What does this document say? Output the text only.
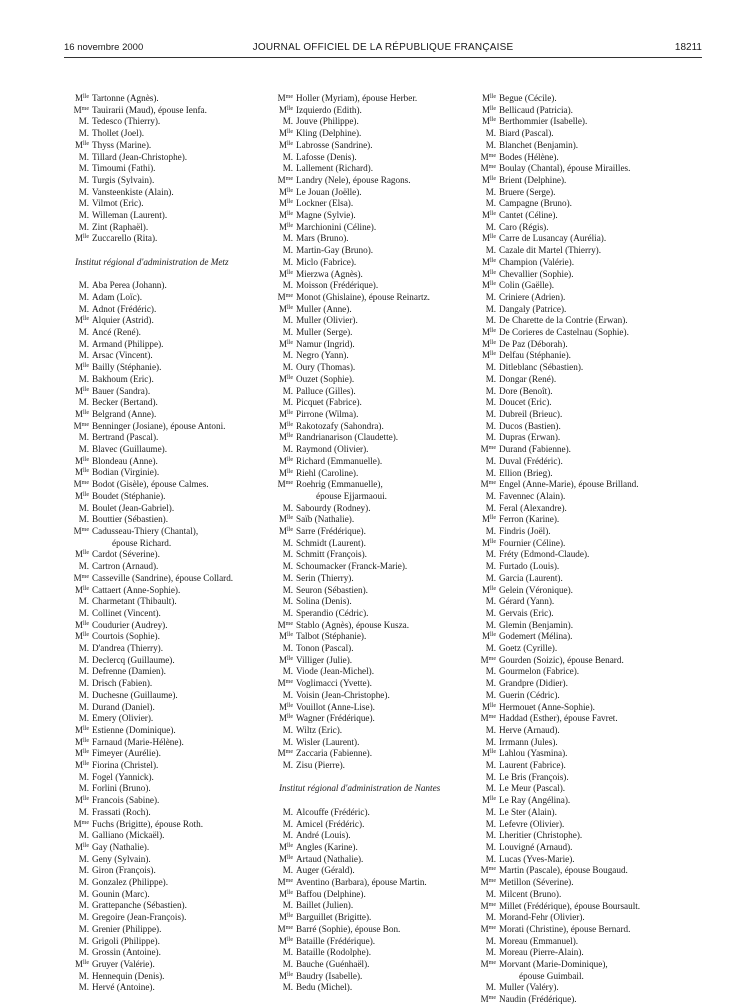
16 novembre 2000	JOURNAL OFFICIEL DE LA RÉPUBLIQUE FRANÇAISE	18211
$M^{lle}$ Tartonne (Agnès).
$M^{me}$ Tauirarii (Maud), épouse Ienfa.
M. Tedesco (Thierry).
M. Thollet (Joel).
$M^{lle}$ Thyss (Marine).
M. Tillard (Jean-Christophe).
M. Timoumi (Fathi).
M. Turgis (Sylvain).
M. Vansteenkiste (Alain).
M. Vilmot (Eric).
M. Willeman (Laurent).
M. Zint (Raphaël).
$M^{lle}$ Zuccarello (Rita).
Institut régional d'administration de Metz
M. Aba Perea (Johann).
M. Adam (Loïc).
M. Adnot (Frédéric).
$M^{lle}$ Alquier (Astrid).
M. Ancé (René).
M. Armand (Philippe).
M. Arsac (Vincent).
$M^{lle}$ Bailly (Stéphanie).
M. Bakhoum (Eric).
$M^{lle}$ Bauer (Sandra).
M. Becker (Bertand).
$M^{lle}$ Belgrand (Anne).
$M^{me}$ Benninger (Josiane), épouse Antoni.
M. Bertrand (Pascal).
M. Blavec (Guillaume).
$M^{lle}$ Blondeau (Anne).
$M^{lle}$ Bodian (Virginie).
$M^{me}$ Bodot (Gisèle), épouse Calmes.
$M^{lle}$ Boudet (Stéphanie).
M. Boulet (Jean-Gabriel).
M. Bouttier (Sébastien).
$M^{me}$ Cadusseau-Thiery (Chantal),
épouse Richard.
$M^{lle}$ Cardot (Séverine).
M. Cartron (Arnaud).
$M^{me}$ Casseville (Sandrine), épouse Collard.
$M^{lle}$ Cattaert (Anne-Sophie).
M. Charmetant (Thibault).
M. Collinet (Vincent).
$M^{lle}$ Coudurier (Audrey).
$M^{lle}$ Courtois (Sophie).
M. D'andrea (Thierry).
M. Declercq (Guillaume).
M. Defrenne (Damien).
M. Drisch (Fabien).
M. Duchesne (Guillaume).
M. Durand (Daniel).
M. Emery (Olivier).
$M^{lle}$ Estienne (Dominique).
$M^{lle}$ Farnaud (Marie-Hélène).
$M^{lle}$ Fimeyer (Aurélie).
$M^{lle}$ Fiorina (Christel).
M. Fogel (Yannick).
M. Forlini (Bruno).
$M^{lle}$ Francois (Sabine).
M. Frassati (Roch).
$M^{me}$ Fuchs (Brigitte), épouse Roth.
M. Galliano (Mickaël).
$M^{lle}$ Gay (Nathalie).
M. Geny (Sylvain).
M. Giron (François).
M. Gonzalez (Philippe).
M. Gounin (Marc).
M. Grattepanche (Sébastien).
M. Gregoire (Jean-François).
M. Grenier (Philippe).
M. Grigoli (Philippe).
M. Grossin (Antoine).
$M^{lle}$ Gruyer (Valérie).
M. Hennequin (Denis).
M. Hervé (Antoine).
$M^{me}$ Holler (Myriam), épouse Herber.
$M^{lle}$ Izquierdo (Edith).
M. Jouve (Philippe).
$M^{lle}$ Kling (Delphine).
$M^{lle}$ Labrosse (Sandrine).
M. Lafosse (Denis).
M. Lallement (Richard).
$M^{me}$ Landry (Nele), épouse Ragons.
$M^{lle}$ Le Jouan (Joëlle).
$M^{lle}$ Lockner (Elsa).
$M^{lle}$ Magne (Sylvie).
$M^{lle}$ Marchionini (Céline).
M. Mars (Bruno).
M. Martin-Gay (Bruno).
M. Miclo (Fabrice).
$M^{lle}$ Mierzwa (Agnès).
M. Moisson (Frédérique).
$M^{me}$ Monot (Ghislaine), épouse Reinartz.
$M^{lle}$ Muller (Anne).
M. Muller (Olivier).
M. Muller (Serge).
$M^{lle}$ Namur (Ingrid).
M. Negro (Yann).
M. Oury (Thomas).
$M^{lle}$ Ouzet (Sophie).
M. Palluce (Gilles).
M. Picquet (Fabrice).
$M^{lle}$ Pirrone (Wilma).
$M^{lle}$ Rakotozafy (Sahondra).
$M^{lle}$ Randrianarison (Claudette).
M. Raymond (Olivier).
$M^{lle}$ Richard (Emmanuelle).
$M^{lle}$ Riehl (Caroline).
$M^{me}$ Roehrig (Emmanuelle),
épouse Ejjarmaoui.
M. Sabourdy (Rodney).
$M^{lle}$ Saïb (Nathalie).
$M^{lle}$ Sarre (Frédérique).
M. Schmidt (Laurent).
M. Schmitt (François).
M. Schoumacker (Franck-Marie).
M. Serin (Thierry).
M. Seuron (Sébastien).
M. Solina (Denis).
M. Sperandio (Cédric).
$M^{me}$ Stablo (Agnès), épouse Kusza.
$M^{lle}$ Talbot (Stéphanie).
M. Tonon (Pascal).
$M^{lle}$ Villiger (Julie).
M. Viode (Jean-Michel).
$M^{me}$ Voglimacci (Yvette).
M. Voisin (Jean-Christophe).
$M^{lle}$ Vouillot (Anne-Lise).
$M^{lle}$ Wagner (Frédérique).
M. Wiltz (Eric).
M. Wisler (Laurent).
$M^{me}$ Zaccaria (Fabienne).
M. Zisu (Pierre).
Institut régional d'administration de Nantes
M. Alcouffe (Frédéric).
M. Amicel (Frédéric).
M. André (Louis).
$M^{lle}$ Angles (Karine).
$M^{lle}$ Artaud (Nathalie).
M. Auger (Gérald).
$M^{me}$ Aventino (Barbara), épouse Martin.
$M^{lle}$ Baffou (Delphine).
M. Baillet (Julien).
$M^{lle}$ Barguillet (Brigitte).
$M^{me}$ Barré (Sophie), épouse Bon.
$M^{lle}$ Bataille (Frédérique).
M. Bataille (Rodolphe).
M. Bauche (Guénhaël).
$M^{lle}$ Baudry (Isabelle).
M. Bedu (Michel).
$M^{lle}$ Begue (Cécile).
$M^{lle}$ Bellicaud (Patricia).
$M^{lle}$ Berthommier (Isabelle).
M. Biard (Pascal).
M. Blanchet (Benjamin).
$M^{me}$ Bodes (Hélène).
$M^{me}$ Boulay (Chantal), épouse Mirailles.
$M^{lle}$ Brient (Delphine).
M. Bruere (Serge).
M. Campagne (Bruno).
$M^{lle}$ Cantet (Céline).
M. Caro (Régis).
$M^{lle}$ Carre de Lusancay (Aurélia).
M. Cazale dit Martel (Thierry).
$M^{lle}$ Champion (Valérie).
$M^{lle}$ Chevallier (Sophie).
$M^{lle}$ Colin (Gaëlle).
M. Criniere (Adrien).
M. Dangaly (Patrice).
M. De Charette de la Contrie (Erwan).
$M^{lle}$ De Corieres de Castelnau (Sophie).
$M^{lle}$ De Paz (Déborah).
$M^{lle}$ Delfau (Stéphanie).
M. Ditleblanc (Sébastien).
M. Dongar (René).
M. Dore (Benoît).
M. Doucet (Eric).
M. Dubreil (Brieuc).
M. Ducos (Bastien).
M. Dupras (Erwan).
$M^{me}$ Durand (Fabienne).
M. Duval (Frédéric).
M. Ellion (Brieg).
$M^{me}$ Engel (Anne-Marie), épouse Brilland.
M. Favennec (Alain).
M. Feral (Alexandre).
$M^{lle}$ Ferron (Karine).
M. Findris (Joël).
$M^{lle}$ Fournier (Céline).
M. Fréty (Edmond-Claude).
M. Furtado (Louis).
M. Garcia (Laurent).
$M^{lle}$ Gelein (Véronique).
M. Gérard (Yann).
M. Gervais (Eric).
M. Glemin (Benjamin).
$M^{lle}$ Godemert (Mélina).
M. Goetz (Cyrille).
$M^{me}$ Gourden (Soizic), épouse Benard.
M. Gourmelon (Fabrice).
M. Grandpre (Didier).
M. Guerin (Cédric).
$M^{lle}$ Hermouet (Anne-Sophie).
$M^{me}$ Haddad (Esther), épouse Favret.
M. Herve (Arnaud).
M. Irrmann (Jules).
$M^{lle}$ Lahlou (Yasmina).
M. Laurent (Fabrice).
M. Le Bris (François).
M. Le Meur (Pascal).
$M^{lle}$ Le Ray (Angélina).
M. Le Ster (Alain).
M. Lefevre (Olivier).
M. Lheritier (Christophe).
M. Louvigné (Arnaud).
M. Lucas (Yves-Marie).
$M^{me}$ Martin (Pascale), épouse Bougaud.
$M^{me}$ Metillon (Séverine).
M. Milcent (Bruno).
$M^{me}$ Millet (Frédérique), épouse Boursault.
M. Morand-Fehr (Olivier).
$M^{me}$ Morati (Christine), épouse Bernard.
M. Moreau (Emmanuel).
M. Moreau (Pierre-Alain).
$M^{me}$ Morvant (Marie-Dominique),
épouse Guimbail.
M. Muller (Valéry).
$M^{me}$ Naudin (Frédérique).
